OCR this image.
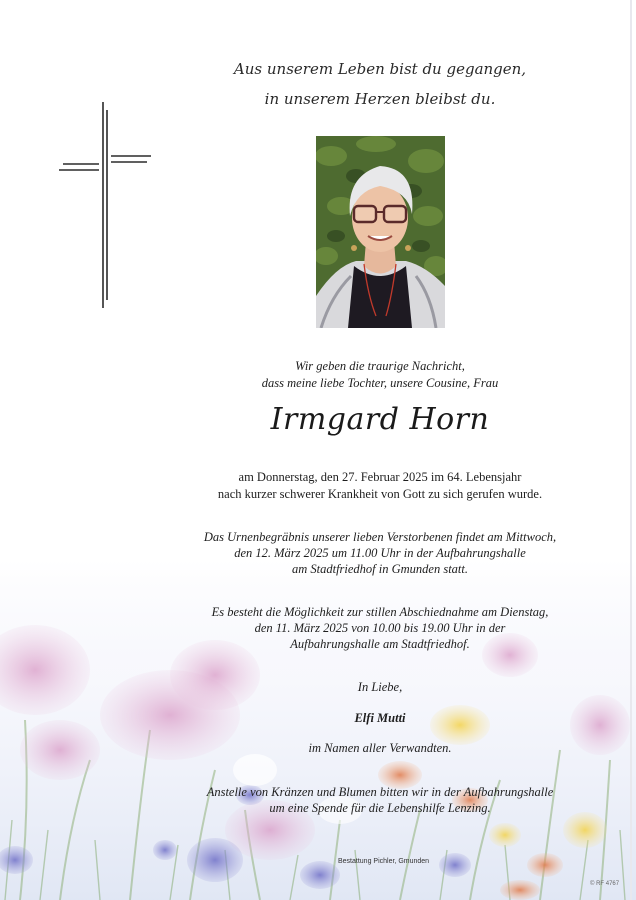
Aus unserem Leben bist du gegangen,
in unserem Herzen bleibst du.
Wir geben die traurige Nachricht,
dass meine liebe Tochter, unsere Cousine, Frau
Irmgard Horn
am Donnerstag, den 27. Februar 2025 im 64. Lebensjahr
nach kurzer schwerer Krankheit von Gott zu sich gerufen wurde.
Das Urnenbegräbnis unserer lieben Verstorbenen findet am Mittwoch,
den 12. März 2025 um 11.00 Uhr in der Aufbahrungshalle
am Stadtfriedhof in Gmunden statt.
Es besteht die Möglichkeit zur stillen Abschiednahme am Dienstag,
den 11. März 2025 von 10.00 bis 19.00 Uhr in der
Aufbahrungshalle am Stadtfriedhof.
In Liebe,
Elfi Mutti
im Namen aller Verwandten.
Anstelle von Kränzen und Blumen bitten wir in der Aufbahrungshalle
um eine Spende für die Lebenshilfe Lenzing.
Bestattung Pichler, Gmunden
© RF 4767
